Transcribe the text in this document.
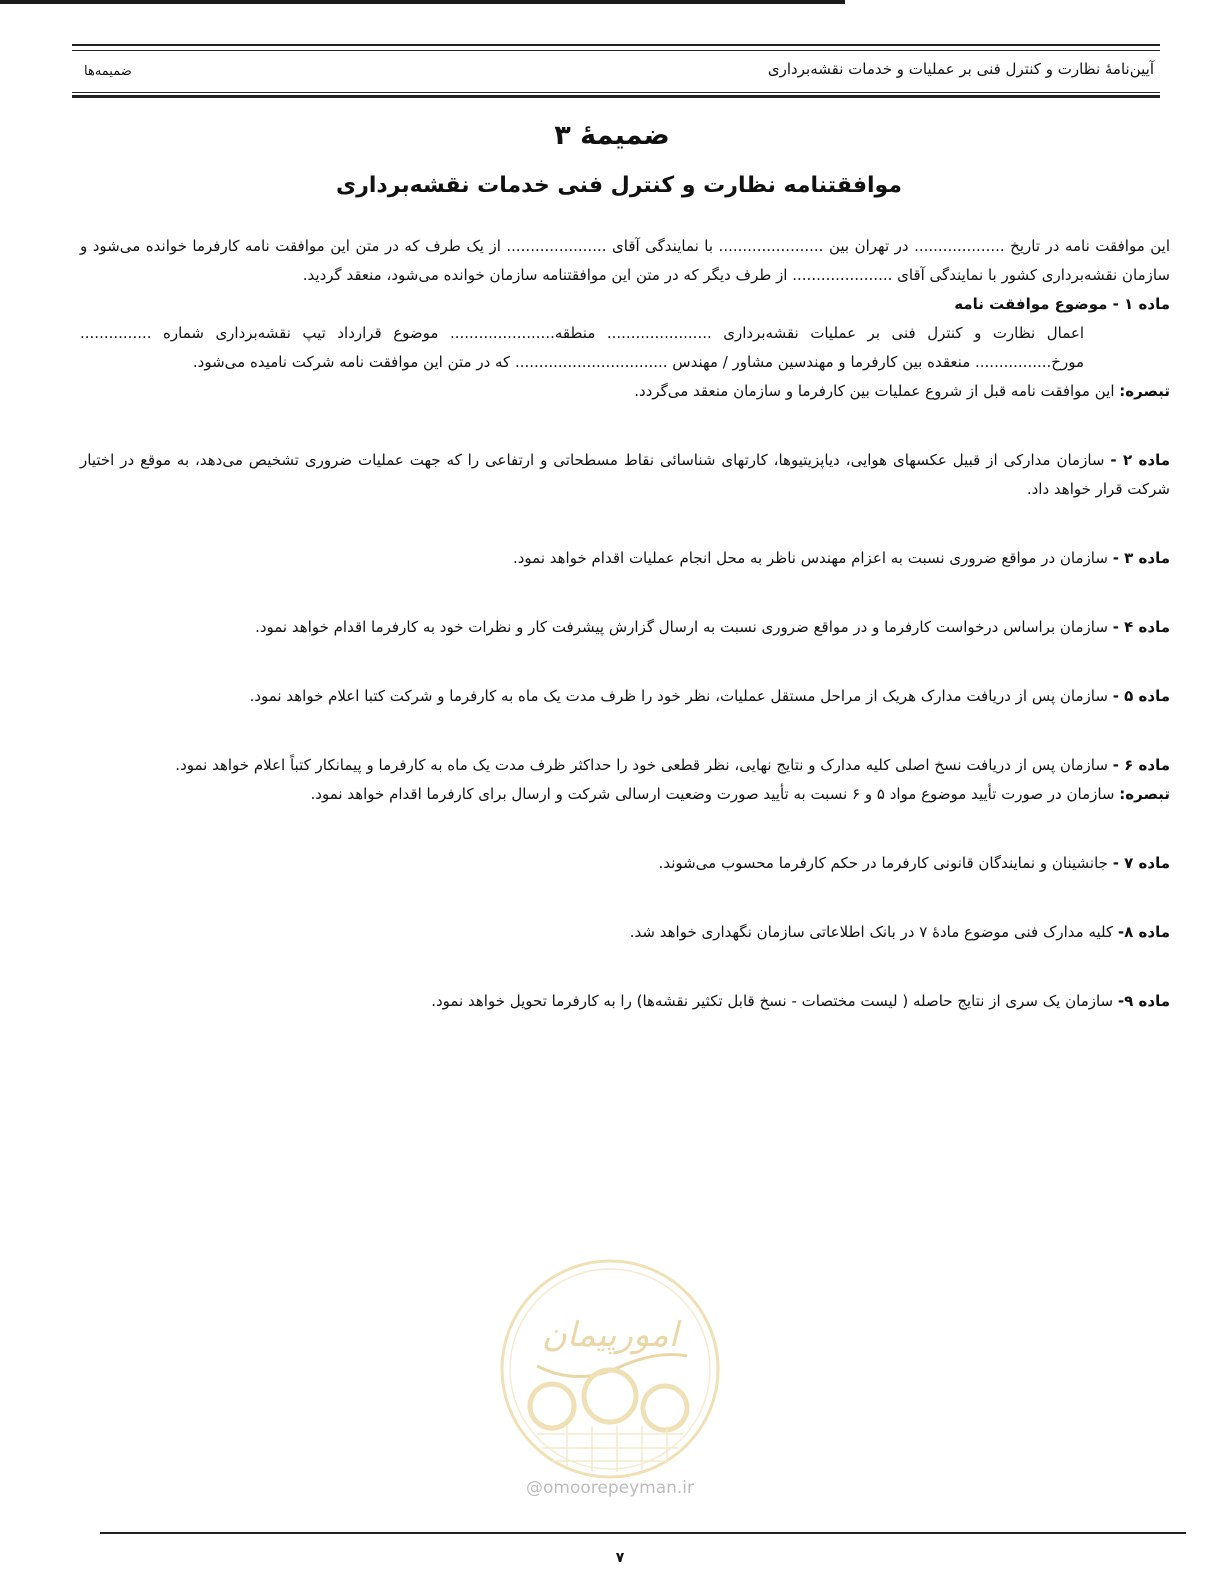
آیین‌نامهٔ نظارت و کنترل فنی بر عملیات و خدمات نقشه‌برداری
ضمیمه‌ها
ضمیمهٔ ۳
موافقتنامه نظارت و کنترل فنی خدمات نقشه‌برداری

این موافقت نامه در تاریخ ................... در تهران بین ...................... با نمایندگی آقای ..................... از یک طرف که در متن این موافقت نامه کارفرما خوانده می‌شود و سازمان نقشه‌برداری کشور با نمایندگی آقای ..................... از طرف دیگر که در متن این موافقتنامه سازمان خوانده می‌شود، منعقد گردید.

ماده ۱ - موضوع موافقت نامه

اعمال نظارت و کنترل فنی بر عملیات نقشه‌برداری ...................... منطقه...................... موضوع قرارداد تیپ نقشه‌برداری شماره ............... مورخ................ منعقده بین کارفرما و مهندسین مشاور / مهندس ................................ که در متن این موافقت نامه شرکت نامیده می‌شود.

تبصره: این موافقت نامه قبل از شروع عملیات بین کارفرما و سازمان منعقد می‌گردد.

ماده ۲ - سازمان مدارکی از قبیل عکسهای هوایی، دیاپزیتیوها، کارتهای شناسائی نقاط مسطحاتی و ارتفاعی را که جهت عملیات ضروری تشخیص می‌دهد، به موقع در اختیار شرکت قرار خواهد داد.

ماده ۳ - سازمان در مواقع ضروری نسبت به اعزام مهندس ناظر به محل انجام عملیات اقدام خواهد نمود.

ماده ۴ - سازمان براساس درخواست کارفرما و در مواقع ضروری نسبت به ارسال گزارش پیشرفت کار و نظرات خود به کارفرما اقدام خواهد نمود.

ماده ۵ - سازمان پس از دریافت مدارک هریک از مراحل مستقل عملیات، نظر خود را ظرف مدت یک ماه به کارفرما و شرکت کتبا اعلام خواهد نمود.

ماده ۶ - سازمان پس از دریافت نسخ اصلی کلیه مدارک و نتایج نهایی، نظر قطعی خود را حداکثر ظرف مدت یک ماه به کارفرما و پیمانکار کتباً اعلام خواهد نمود.

تبصره: سازمان در صورت تأیید موضوع مواد ۵ و ۶ نسبت به تأیید صورت وضعیت ارسالی شرکت و ارسال برای کارفرما اقدام خواهد نمود.

ماده ۷ - جانشینان و نمایندگان قانونی کارفرما در حکم کارفرما محسوب می‌شوند.

ماده ۸- کلیه مدارک فنی موضوع مادهٔ ۷ در بانک اطلاعاتی سازمان نگهداری خواهد شد.

ماده ۹- سازمان یک سری از نتایج حاصله ( لیست مختصات - نسخ قابل تکثیر نقشه‌ها) را به کارفرما تحویل خواهد نمود.

امورپیمان
@omoorepeyman.ir
۷
